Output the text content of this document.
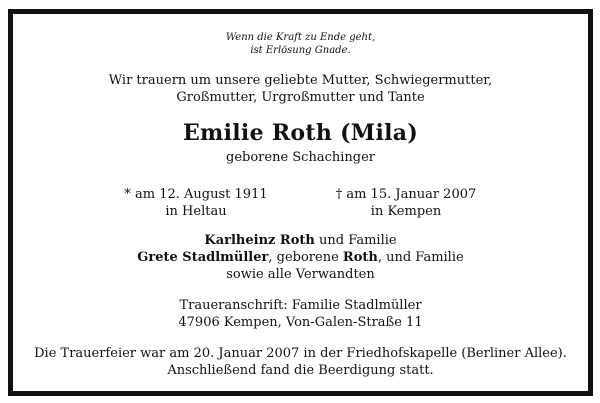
Wenn die Kraft zu Ende geht,
ist Erlösung Gnade.
Wir trauern um unsere geliebte Mutter, Schwiegermutter,
Großmutter, Urgroßmutter und Tante
Emilie Roth (Mila)
geborene Schachinger
* am 12. August 1911
in Heltau
† am 15. Januar 2007
in Kempen
Karlheinz Roth und Familie
Grete Stadlmüller, geborene Roth, und Familie
sowie alle Verwandten
Traueranschrift: Familie Stadlmüller
47906 Kempen, Von-Galen-Straße 11
Die Trauerfeier war am 20. Januar 2007 in der Friedhofskapelle (Berliner Allee).
Anschließend fand die Beerdigung statt.
